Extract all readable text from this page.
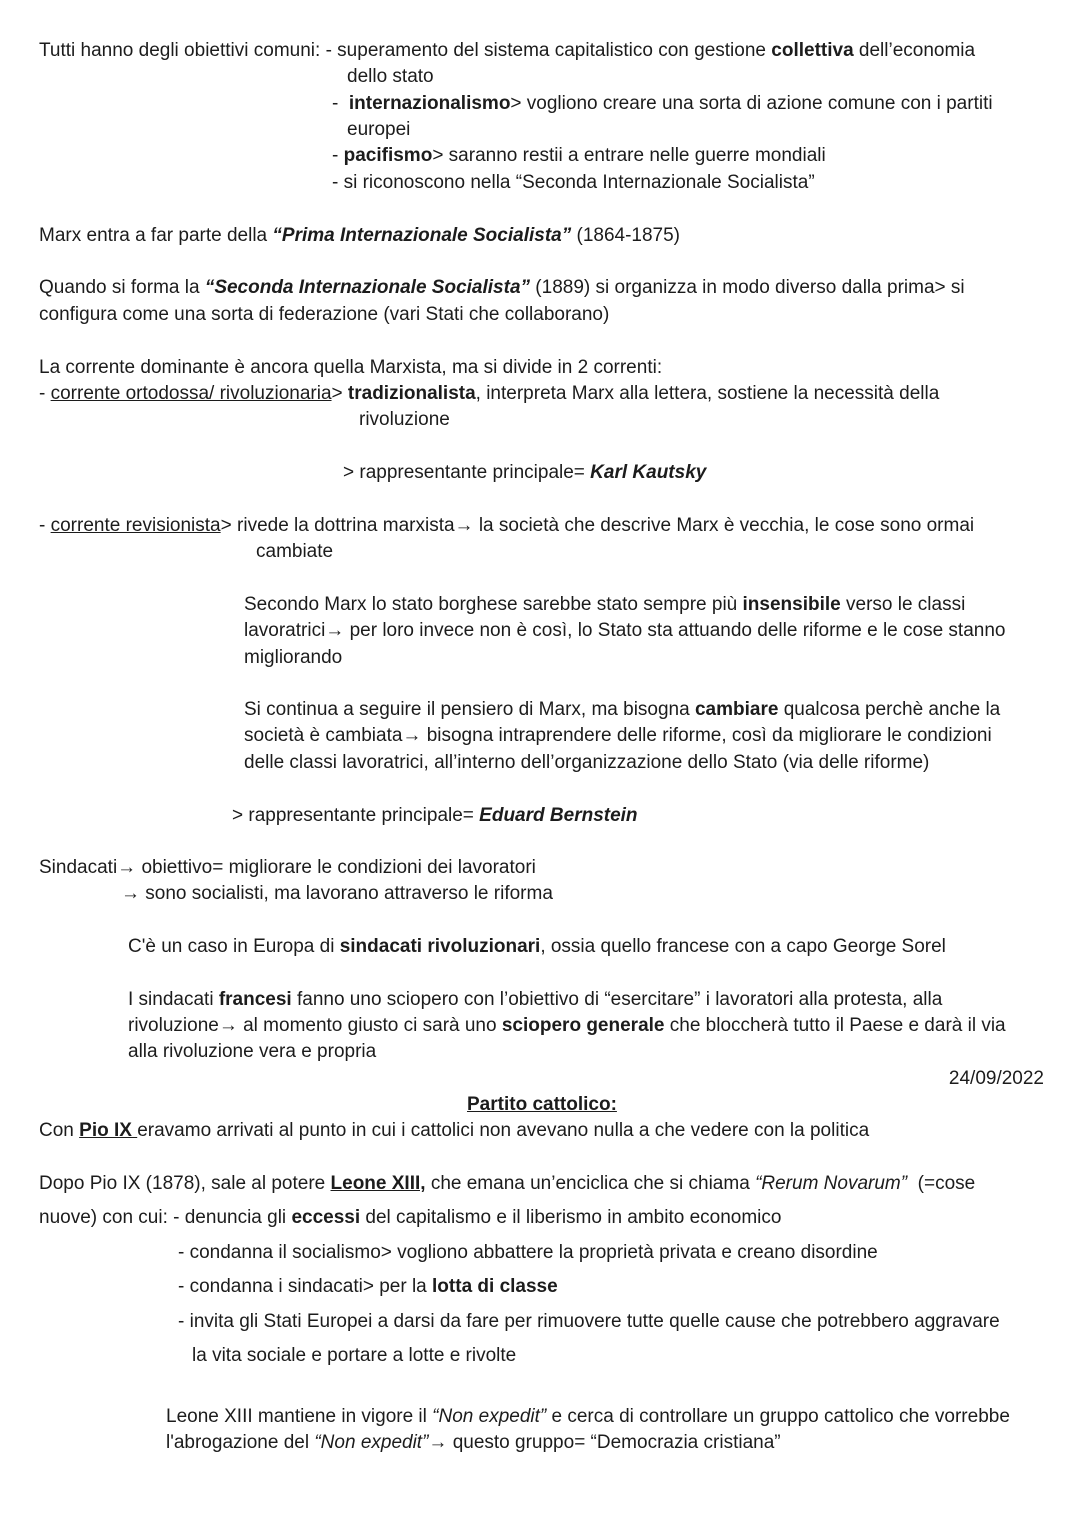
Tutti hanno degli obiettivi comuni: - superamento del sistema capitalistico con gestione collettiva dell’economia
dello stato
-  internazionalismo> vogliono creare una sorta di azione comune con i partiti
europei
- pacifismo> saranno restii a entrare nelle guerre mondiali
- si riconoscono nella “Seconda Internazionale Socialista”
Marx entra a far parte della “Prima Internazionale Socialista” (1864-1875)
Quando si forma la “Seconda Internazionale Socialista” (1889) si organizza in modo diverso dalla prima> si
configura come una sorta di federazione (vari Stati che collaborano)
La corrente dominante è ancora quella Marxista, ma si divide in 2 correnti:
- corrente ortodossa/ rivoluzionaria> tradizionalista, interpreta Marx alla lettera, sostiene la necessità della
rivoluzione
> rappresentante principale= Karl Kautsky
- corrente revisionista> rivede la dottrina marxista→ la società che descrive Marx è vecchia, le cose sono ormai
cambiate
Secondo Marx lo stato borghese sarebbe stato sempre più insensibile verso le classi
lavoratrici→ per loro invece non è così, lo Stato sta attuando delle riforme e le cose stanno
migliorando
Si continua a seguire il pensiero di Marx, ma bisogna cambiare qualcosa perchè anche la
società è cambiata→ bisogna intraprendere delle riforme, così da migliorare le condizioni
delle classi lavoratrici, all’interno dell’organizzazione dello Stato (via delle riforme)
> rappresentante principale= Eduard Bernstein
Sindacati→ obiettivo= migliorare le condizioni dei lavoratori
→ sono socialisti, ma lavorano attraverso le riforma
C'è un caso in Europa di sindacati rivoluzionari, ossia quello francese con a capo George Sorel
I sindacati francesi fanno uno sciopero con l’obiettivo di “esercitare” i lavoratori alla protesta, alla
rivoluzione→ al momento giusto ci sarà uno sciopero generale che bloccherà tutto il Paese e darà il via
alla rivoluzione vera e propria
24/09/2022
Partito cattolico:
Con Pio IX eravamo arrivati al punto in cui i cattolici non avevano nulla a che vedere con la politica
Dopo Pio IX (1878), sale al potere Leone XIII, che emana un’enciclica che si chiama “Rerum Novarum”  (=cose
nuove) con cui: - denuncia gli eccessi del capitalismo e il liberismo in ambito economico
- condanna il socialismo> vogliono abbattere la proprietà privata e creano disordine
- condanna i sindacati> per la lotta di classe
- invita gli Stati Europei a darsi da fare per rimuovere tutte quelle cause che potrebbero aggravare
la vita sociale e portare a lotte e rivolte
Leone XIII mantiene in vigore il “Non expedit” e cerca di controllare un gruppo cattolico che vorrebbe
l'abrogazione del “Non expedit”→ questo gruppo= “Democrazia cristiana”
